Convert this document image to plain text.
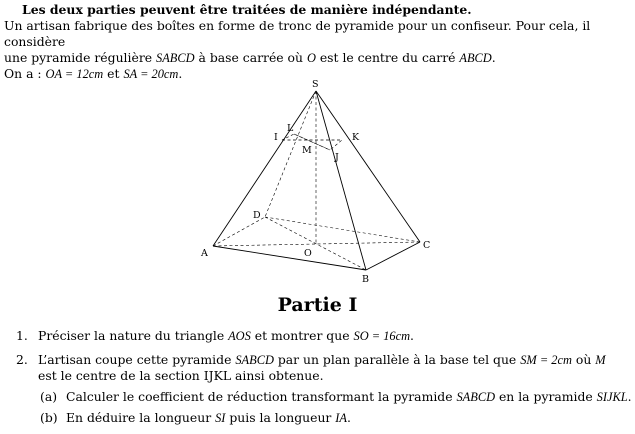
Les deux parties peuvent être traitées de manière indépendante.
Un artisan fabrique des boîtes en forme de tronc de pyramide pour un confiseur. Pour cela, il considère
une pyramide régulière SABCD à base carrée où O est le centre du carré ABCD.
On a : OA = 12cm et SA = 20cm.
S
I
L
K
M
J
D
A	O
C
B
Partie I
1. Préciser la nature du triangle AOS et montrer que SO = 16cm.
2. L’artisan coupe cette pyramide SABCD par un plan parallèle à la base tel que SM = 2cm où M
est le centre de la section IJKL ainsi obtenue.
(a) Calculer le coefficient de réduction transformant la pyramide SABCD en la pyramide SIJKL.
(b) En déduire la longueur SI puis la longueur IA.
